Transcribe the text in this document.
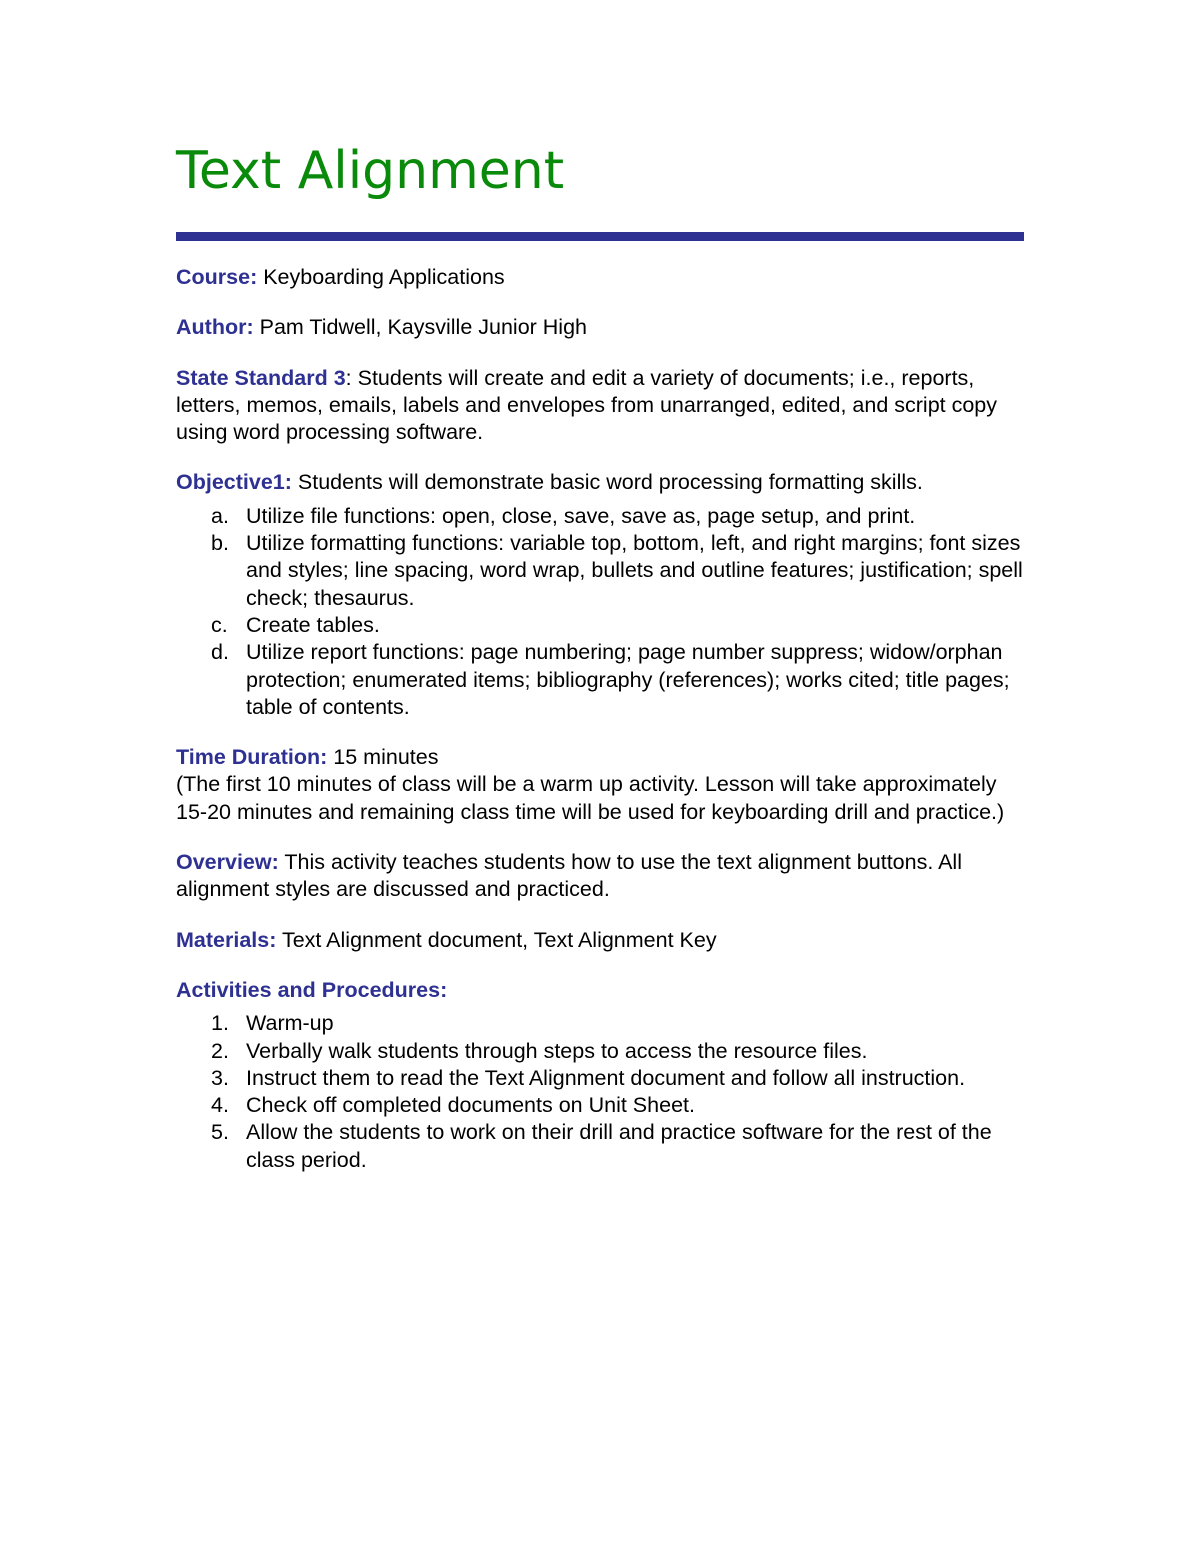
Text Alignment

Course: Keyboarding Applications

Author: Pam Tidwell, Kaysville Junior High

State Standard 3: Students will create and edit a variety of documents; i.e., reports, letters, memos, emails, labels and envelopes from unarranged, edited, and script copy using word processing software.

Objective1: Students will demonstrate basic word processing formatting skills.

a. Utilize file functions: open, close, save, save as, page setup, and print.
b. Utilize formatting functions: variable top, bottom, left, and right margins; font sizes and styles; line spacing, word wrap, bullets and outline features; justification; spell check; thesaurus.
c. Create tables.
d. Utilize report functions: page numbering; page number suppress; widow/orphan protection; enumerated items; bibliography (references); works cited; title pages; table of contents.

Time Duration: 15 minutes
(The first 10 minutes of class will be a warm up activity. Lesson will take approximately 15-20 minutes and remaining class time will be used for keyboarding drill and practice.)

Overview: This activity teaches students how to use the text alignment buttons. All alignment styles are discussed and practiced.

Materials: Text Alignment document, Text Alignment Key

Activities and Procedures:

1. Warm-up
2. Verbally walk students through steps to access the resource files.
3. Instruct them to read the Text Alignment document and follow all instruction.
4. Check off completed documents on Unit Sheet.
5. Allow the students to work on their drill and practice software for the rest of the class period.
